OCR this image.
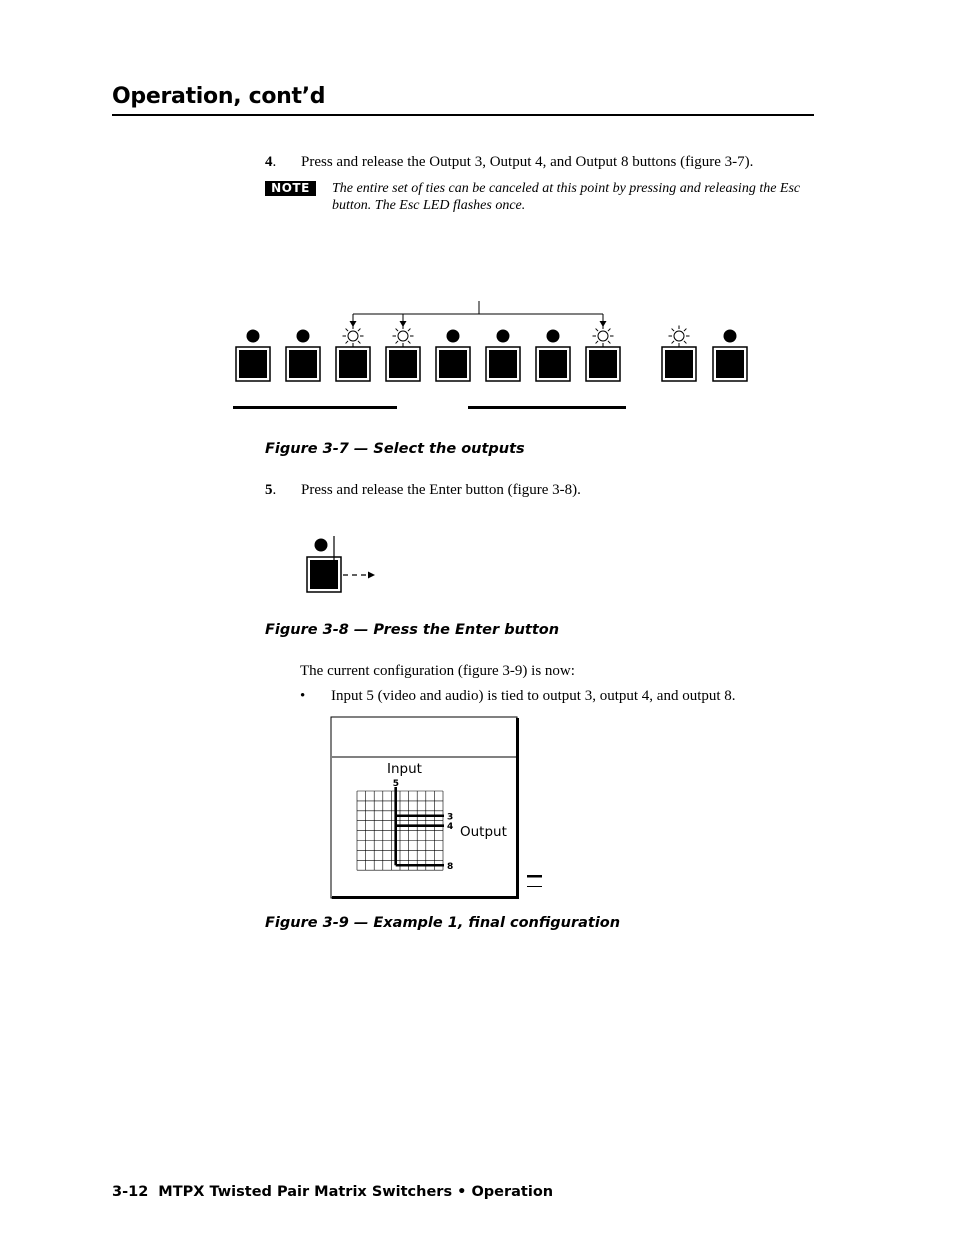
Operation, cont’d
4. Press and release the Output 3, Output 4, and Output 8 buttons (figure 3-7).
NOTE	The entire set of ties can be canceled at this point by pressing and releasing the Esc button. The Esc LED flashes once.
Figure 3-7 — Select the outputs
5. Press and release the Enter button (figure 3-8).
Figure 3-8 — Press the Enter button
The current configuration (figure 3-9) is now:
• Input 5 (video and audio) is tied to output 3, output 4, and output 8.
Input
Output
5
3
4
8
Figure 3-9 — Example 1, final configuration
3-12 MTPX Twisted Pair Matrix Switchers • Operation
